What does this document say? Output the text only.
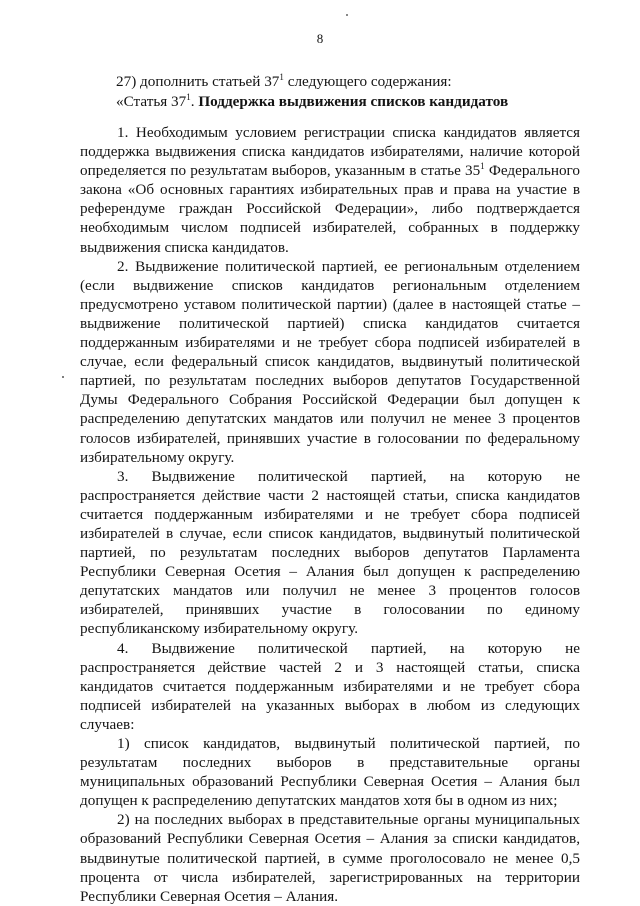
8

27) дополнить статьей $37^1$ следующего содержания:

«Статья $37^1$. Поддержка выдвижения списков кандидатов

1. Необходимым условием регистрации списка кандидатов является поддержка выдвижения списка кандидатов избирателями, наличие которой определяется по результатам выборов, указанным в статье $35^1$ Федерального закона «Об основных гарантиях избирательных прав и права на участие в референдуме граждан Российской Федерации», либо подтверждается необходимым числом подписей избирателей, собранных в поддержку выдвижения списка кандидатов.

2. Выдвижение политической партией, ее региональным отделением (если выдвижение списков кандидатов региональным отделением предусмотрено уставом политической партии) (далее в настоящей статье – выдвижение политической партией) списка кандидатов считается поддержанным избирателями и не требует сбора подписей избирателей в случае, если федеральный список кандидатов, выдвинутый политической партией, по результатам последних выборов депутатов Государственной Думы Федерального Собрания Российской Федерации был допущен к распределению депутатских мандатов или получил не менее 3 процентов голосов избирателей, принявших участие в голосовании по федеральному избирательному округу.

3. Выдвижение политической партией, на которую не распространяется действие части 2 настоящей статьи, списка кандидатов считается поддержанным избирателями и не требует сбора подписей избирателей в случае, если список кандидатов, выдвинутый политической партией, по результатам последних выборов депутатов Парламента Республики Северная Осетия – Алания был допущен к распределению депутатских мандатов или получил не менее 3 процентов голосов избирателей, принявших участие в голосовании по единому республиканскому избирательному округу.

4. Выдвижение политической партией, на которую не распространяется действие частей 2 и 3 настоящей статьи, списка кандидатов считается поддержанным избирателями и не требует сбора подписей избирателей на указанных выборах в любом из следующих случаев:

1) список кандидатов, выдвинутый политической партией, по результатам последних выборов в представительные органы муниципальных образований Республики Северная Осетия – Алания был допущен к распределению депутатских мандатов хотя бы в одном из них;

2) на последних выборах в представительные органы муниципальных образований Республики Северная Осетия – Алания за списки кандидатов, выдвинутые политической партией, в сумме проголосовало не менее 0,5 процента от числа избирателей, зарегистрированных на территории Республики Северная Осетия – Алания.
